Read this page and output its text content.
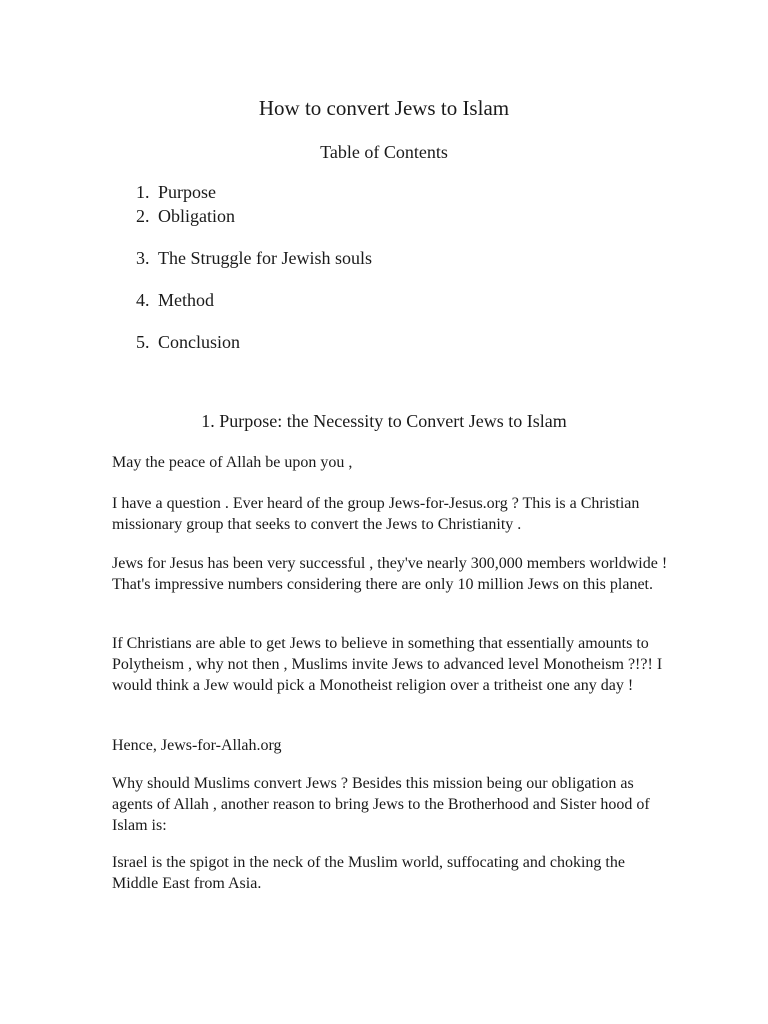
How to convert Jews to Islam
Table of Contents
1. Purpose
2. Obligation
3. The Struggle for Jewish souls
4. Method
5. Conclusion
1. Purpose: the Necessity to Convert Jews to Islam

May the peace of Allah be upon you ,

I have a question . Ever heard of the group Jews-for-Jesus.org ? This is a Christian missionary group that seeks to convert the Jews to Christianity .

Jews for Jesus has been very successful , they've nearly 300,000 members worldwide ! That's impressive numbers considering there are only 10 million Jews on this planet.

If Christians are able to get Jews to believe in something that essentially amounts to Polytheism , why not then , Muslims invite Jews to advanced level Monotheism ?!?! I would think a Jew would pick a Monotheist religion over a tritheist one any day !

Hence, Jews-for-Allah.org

Why should Muslims convert Jews ? Besides this mission being our obligation as agents of Allah , another reason to bring Jews to the Brotherhood and Sister hood of Islam is:

Israel is the spigot in the neck of the Muslim world, suffocating and choking the Middle East from Asia.
